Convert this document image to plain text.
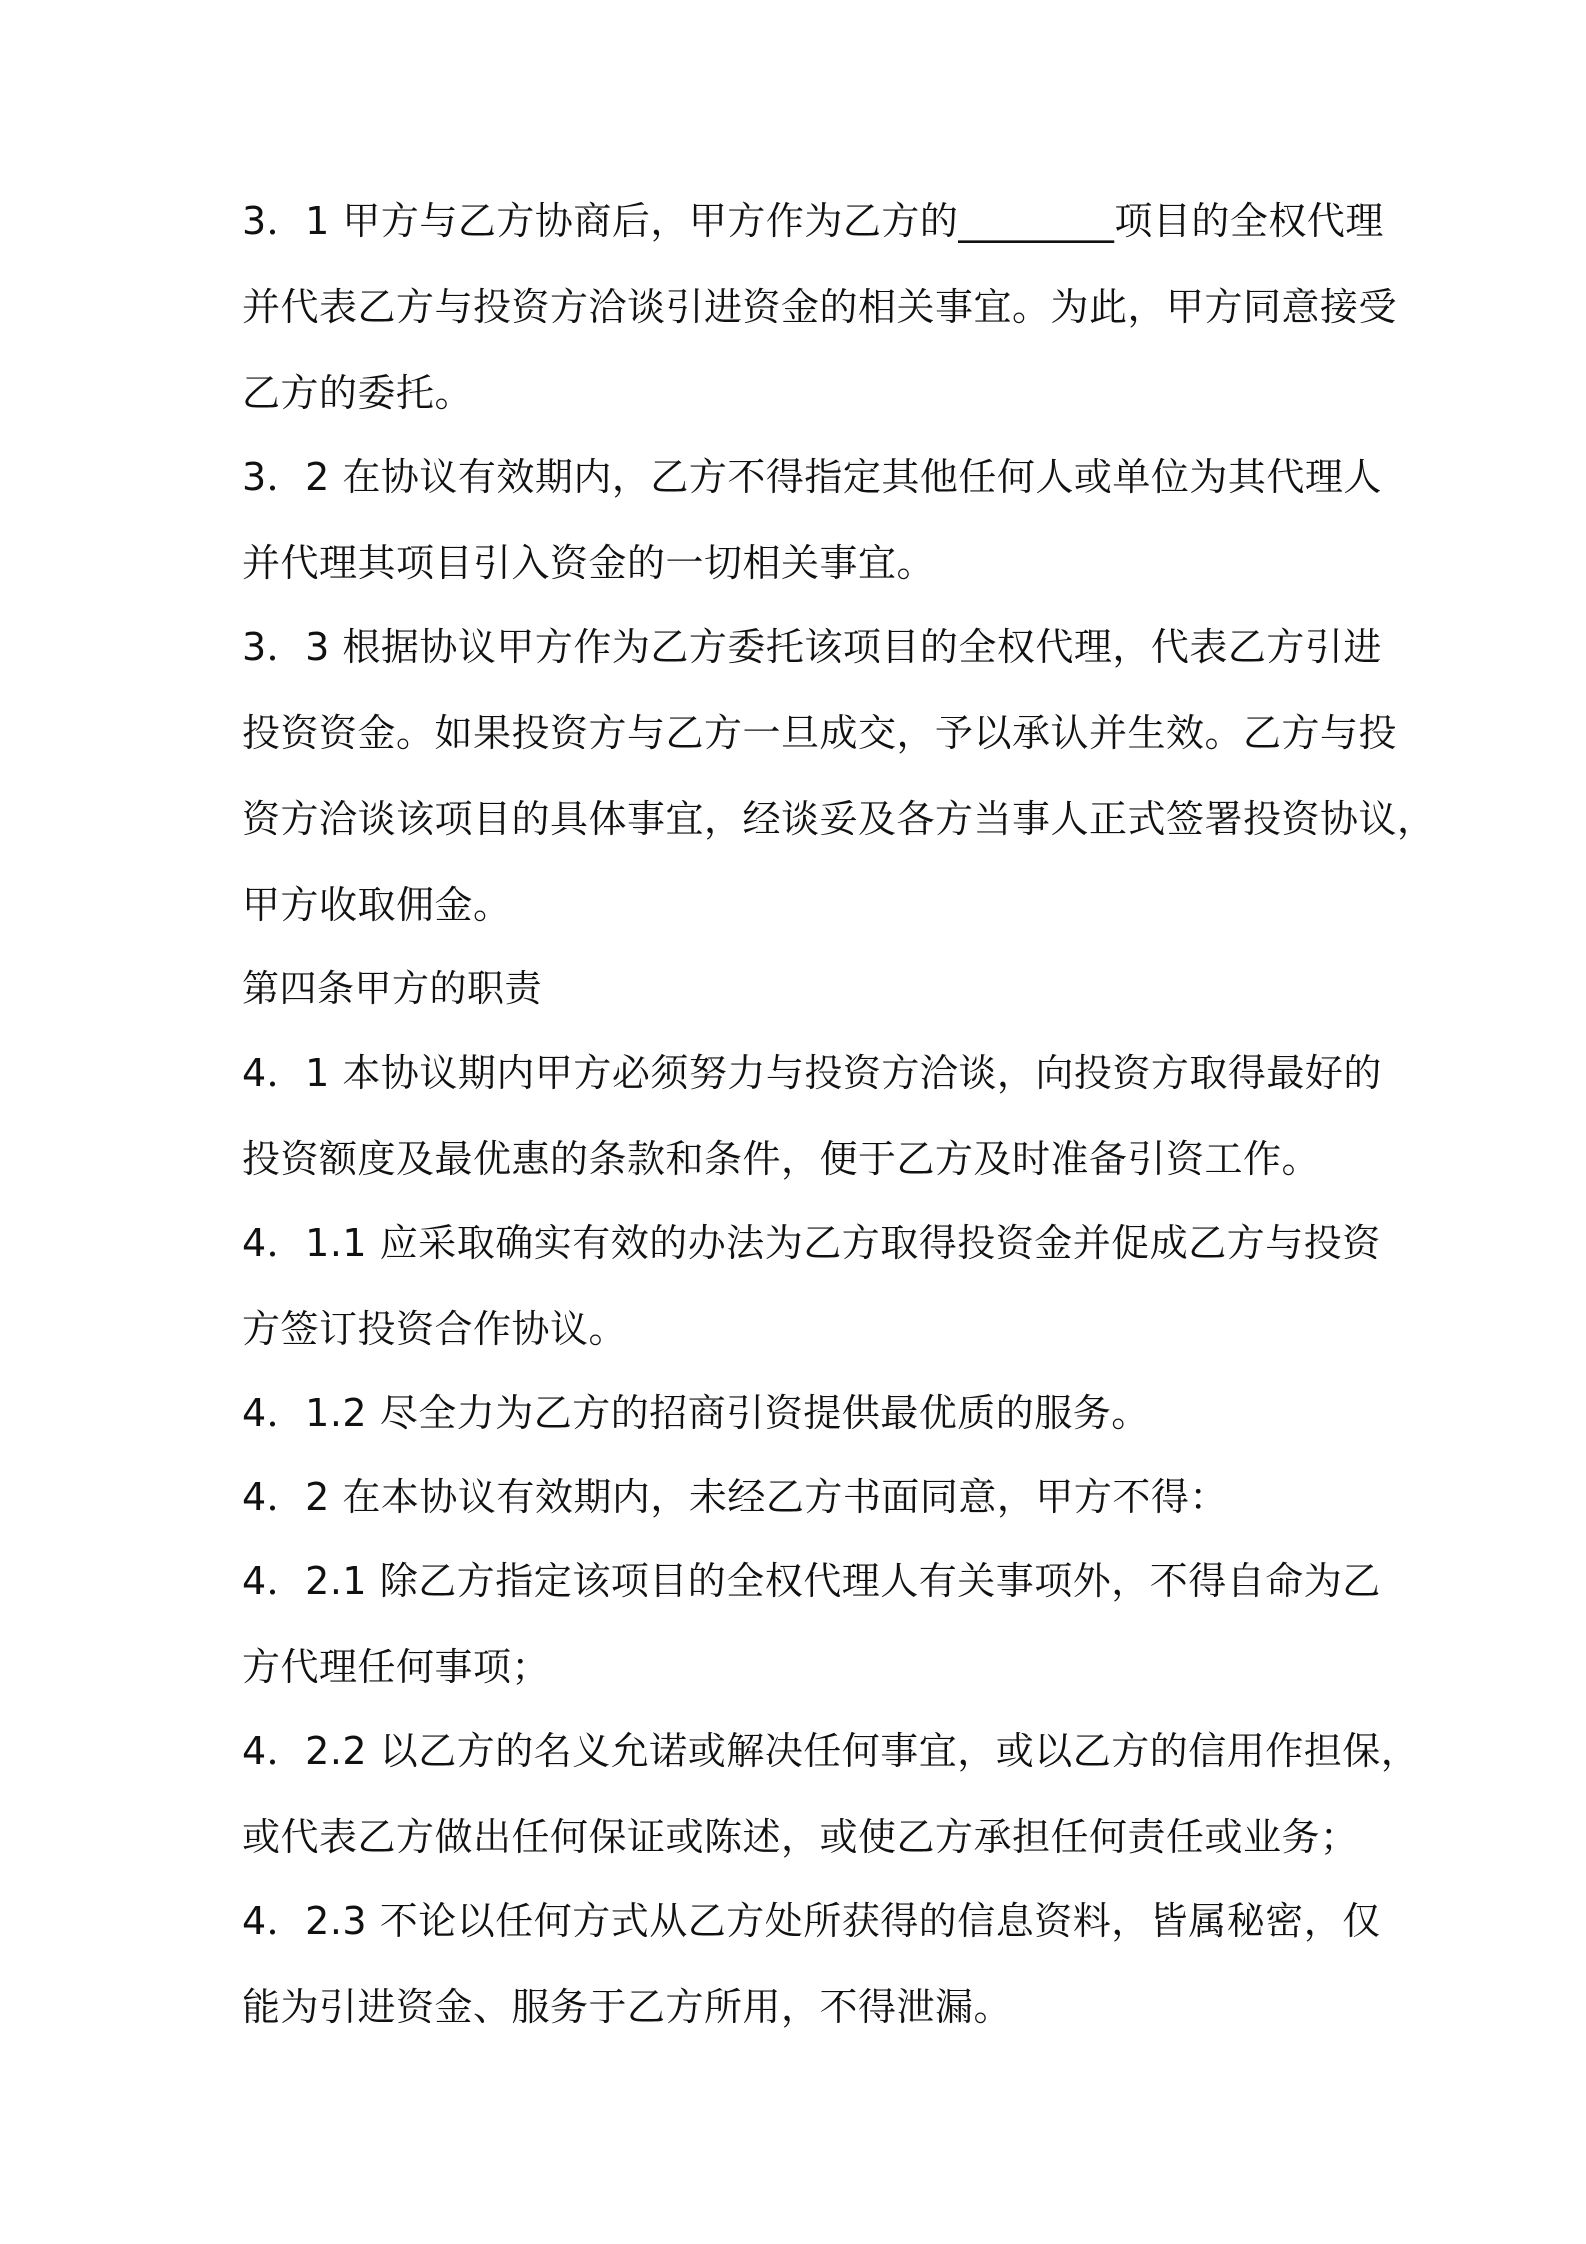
3．1 甲方与乙方协商后，甲方作为乙方的________项目的全权代理
并代表乙方与投资方洽谈引进资金的相关事宜。为此，甲方同意接受
乙方的委托。
3．2 在协议有效期内，乙方不得指定其他任何人或单位为其代理人
并代理其项目引入资金的一切相关事宜。
3．3 根据协议甲方作为乙方委托该项目的全权代理，代表乙方引进
投资资金。如果投资方与乙方一旦成交，予以承认并生效。乙方与投
资方洽谈该项目的具体事宜，经谈妥及各方当事人正式签署投资协议，
甲方收取佣金。
第四条甲方的职责
4．1 本协议期内甲方必须努力与投资方洽谈，向投资方取得最好的
投资额度及最优惠的条款和条件，便于乙方及时准备引资工作。
4．1.1 应采取确实有效的办法为乙方取得投资金并促成乙方与投资
方签订投资合作协议。
4．1.2 尽全力为乙方的招商引资提供最优质的服务。
4．2 在本协议有效期内，未经乙方书面同意，甲方不得：
4．2.1 除乙方指定该项目的全权代理人有关事项外，不得自命为乙
方代理任何事项；
4．2.2 以乙方的名义允诺或解决任何事宜，或以乙方的信用作担保，
或代表乙方做出任何保证或陈述，或使乙方承担任何责任或业务；
4．2.3 不论以任何方式从乙方处所获得的信息资料，皆属秘密，仅
能为引进资金、服务于乙方所用，不得泄漏。
